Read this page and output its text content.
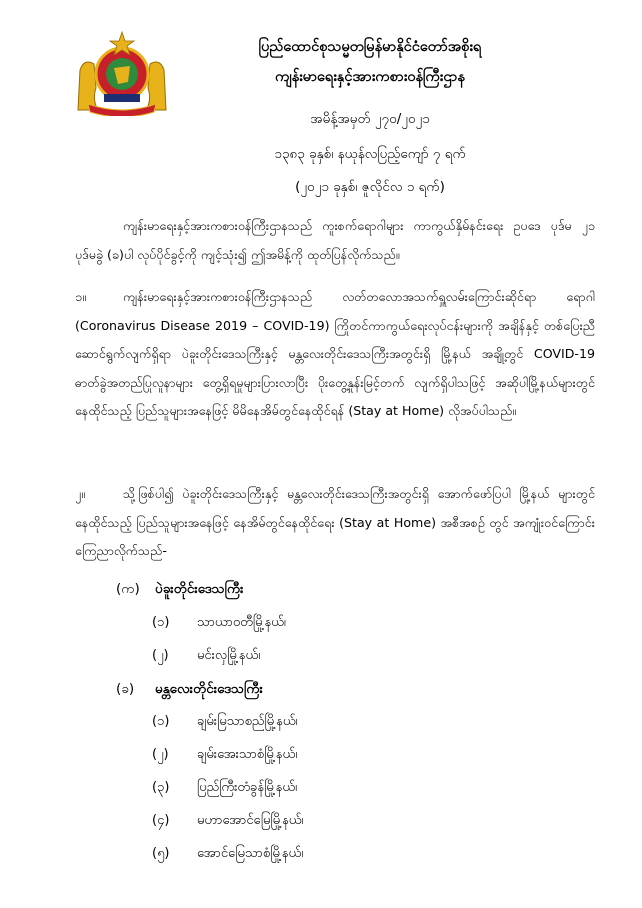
ပြည်ထောင်စုသမ္မတမြန်မာနိုင်ငံတော်အစိုးရ
ကျန်းမာရေးနှင့်အားကစားဝန်ကြီးဌာန
အမိန့်အမှတ် ၂၇၀/၂၀၂၁
၁၃၈၃ ခုနှစ်၊ နယုန်လပြည့်ကျော် ၇ ရက်
(၂၀၂၁ ခုနှစ်၊ ဇူလိုင်လ ၁ ရက်)
ကျန်းမာရေးနှင့်အားကစားဝန်ကြီးဌာနသည် ကူးစက်ရောဂါများ ကာကွယ်နှိမ်နင်းရေး ဥပဒေ ပုဒ်မ ၂၁ ပုဒ်မခွဲ (ခ)ပါ လုပ်ပိုင်ခွင့်ကို ကျင့်သုံး၍ ဤအမိန့်ကို ထုတ်ပြန်လိုက်သည်။
၁။	ကျန်းမာရေးနှင့်အားကစားဝန်ကြီးဌာနသည် လတ်တလောအသက်ရှူလမ်းကြောင်းဆိုင်ရာ ရောဂါ (Coronavirus Disease 2019 – COVID-19) ကြိုတင်ကာကွယ်ရေးလုပ်ငန်းများကို အချိန်နှင့် တစ်ပြေးညီ ဆောင်ရွက်လျက်ရှိရာ ပဲခူးတိုင်းဒေသကြီးနှင့် မန္တလေးတိုင်းဒေသကြီးအတွင်းရှိ မြို့နယ် အချို့တွင် COVID-19 ဓာတ်ခွဲအတည်ပြုလူနာများ တွေ့ရှိရမှုများပြားလာပြီး ပိုးတွေ့နှုန်းမြင့်တက် လျက်ရှိပါသဖြင့် အဆိုပါမြို့နယ်များတွင်နေထိုင်သည့် ပြည်သူများအနေဖြင့် မိမိနေအိမ်တွင်နေထိုင်ရန် (Stay at Home) လိုအပ်ပါသည်။
၂။	သို့ဖြစ်ပါ၍ ပဲခူးတိုင်းဒေသကြီးနှင့် မန္တလေးတိုင်းဒေသကြီးအတွင်းရှိ အောက်ဖော်ပြပါ မြို့နယ် များတွင် နေထိုင်သည့် ပြည်သူများအနေဖြင့် နေအိမ်တွင်နေထိုင်ရေး (Stay at Home) အစီအစဉ် တွင် အကျုံးဝင်ကြောင်း ကြေညာလိုက်သည်-
(က) ပဲခူးတိုင်းဒေသကြီး
(၁) သာယာဝတီမြို့နယ်၊
(၂) မင်းလှမြို့နယ်၊
(ခ) မန္တလေးတိုင်းဒေသကြီး
(၁) ချမ်းမြသာစည်မြို့နယ်၊
(၂) ချမ်းအေးသာစံမြို့နယ်၊
(၃) ပြည်ကြီးတံခွန်မြို့နယ်၊
(၄) မဟာအောင်မြေမြို့နယ်၊
(၅) အောင်မြေသာစံမြို့နယ်၊
